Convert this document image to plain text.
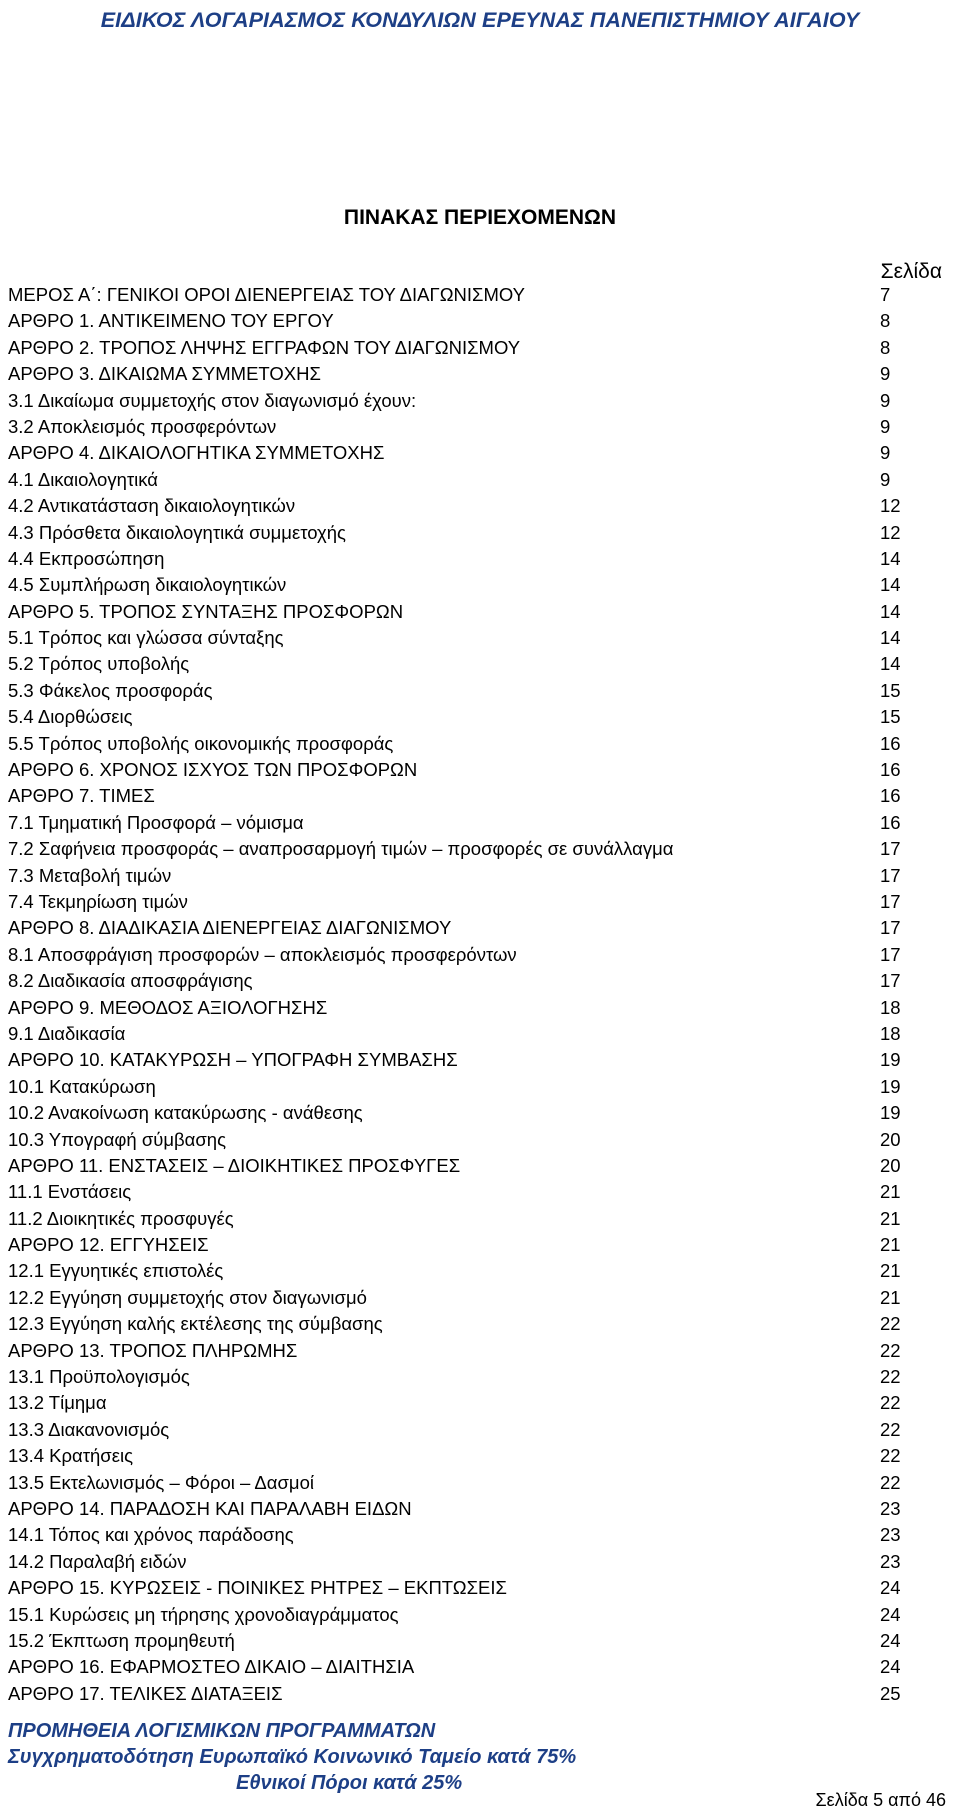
ΕΙΔΙΚΟΣ ΛΟΓΑΡΙΑΣΜΟΣ ΚΟΝΔΥΛΙΩΝ ΕΡΕΥΝΑΣ ΠΑΝΕΠΙΣΤΗΜΙΟΥ ΑΙΓΑΙΟΥ
ΠΙΝΑΚΑΣ ΠΕΡΙΕΧΟΜΕΝΩΝ
Σελίδα
ΜΕΡΟΣ Α΄: ΓΕΝΙΚΟΙ ΟΡΟΙ ΔΙΕΝΕΡΓΕΙΑΣ ΤΟΥ ΔΙΑΓΩΝΙΣΜΟΥ	7
ΑΡΘΡΟ 1. ΑΝΤΙΚΕΙΜΕΝΟ ΤΟΥ ΕΡΓΟΥ	8
ΑΡΘΡΟ 2. ΤΡΟΠΟΣ ΛΗΨΗΣ ΕΓΓΡΑΦΩΝ ΤΟΥ ΔΙΑΓΩΝΙΣΜΟΥ	8
ΑΡΘΡΟ 3. ΔΙΚΑΙΩΜΑ ΣΥΜΜΕΤΟΧΗΣ	9
3.1 Δικαίωμα συμμετοχής στον διαγωνισμό έχουν:	9
3.2 Αποκλεισμός προσφερόντων	9
ΑΡΘΡΟ 4. ΔΙΚΑΙΟΛΟΓΗΤΙΚΑ ΣΥΜΜΕΤΟΧΗΣ	9
4.1 Δικαιολογητικά	9
4.2 Αντικατάσταση δικαιολογητικών	12
4.3 Πρόσθετα δικαιολογητικά συμμετοχής	12
4.4 Εκπροσώπηση	14
4.5 Συμπλήρωση δικαιολογητικών	14
ΑΡΘΡΟ 5. ΤΡΟΠΟΣ ΣΥΝΤΑΞΗΣ ΠΡΟΣΦΟΡΩΝ	14
5.1 Τρόπος και γλώσσα σύνταξης	14
5.2 Τρόπος υποβολής	14
5.3 Φάκελος προσφοράς	15
5.4 Διορθώσεις	15
5.5 Τρόπος υποβολής οικονομικής προσφοράς	16
ΑΡΘΡΟ 6. ΧΡΟΝΟΣ ΙΣΧΥΟΣ ΤΩΝ ΠΡΟΣΦΟΡΩΝ	16
ΑΡΘΡΟ 7. ΤΙΜΕΣ	16
7.1 Τμηματική Προσφορά – νόμισμα	16
7.2 Σαφήνεια προσφοράς – αναπροσαρμογή τιμών – προσφορές σε συνάλλαγμα	17
7.3 Μεταβολή τιμών	17
7.4 Τεκμηρίωση τιμών	17
ΑΡΘΡΟ 8. ΔΙΑΔΙΚΑΣΙΑ ΔΙΕΝΕΡΓΕΙΑΣ ΔΙΑΓΩΝΙΣΜΟΥ	17
8.1 Αποσφράγιση προσφορών – αποκλεισμός προσφερόντων	17
8.2 Διαδικασία αποσφράγισης	17
ΑΡΘΡΟ 9. ΜΕΘΟΔΟΣ ΑΞΙΟΛΟΓΗΣΗΣ	18
9.1 Διαδικασία	18
ΑΡΘΡΟ 10. ΚΑΤΑΚΥΡΩΣΗ – ΥΠΟΓΡΑΦΗ ΣΥΜΒΑΣΗΣ	19
10.1 Κατακύρωση	19
10.2 Ανακοίνωση κατακύρωσης - ανάθεσης	19
10.3 Υπογραφή σύμβασης	20
ΑΡΘΡΟ 11. ΕΝΣΤΑΣΕΙΣ – ΔΙΟΙΚΗΤΙΚΕΣ ΠΡΟΣΦΥΓΕΣ	20
11.1 Ενστάσεις	21
11.2 Διοικητικές προσφυγές	21
ΑΡΘΡΟ 12. ΕΓΓΥΗΣΕΙΣ	21
12.1 Εγγυητικές επιστολές	21
12.2 Εγγύηση συμμετοχής στον διαγωνισμό	21
12.3 Εγγύηση καλής εκτέλεσης της σύμβασης	22
ΑΡΘΡΟ 13. ΤΡΟΠΟΣ ΠΛΗΡΩΜΗΣ	22
13.1 Προϋπολογισμός	22
13.2 Τίμημα	22
13.3 Διακανονισμός	22
13.4 Κρατήσεις	22
13.5 Εκτελωνισμός – Φόροι – Δασμοί	22
ΑΡΘΡΟ 14. ΠΑΡΑΔΟΣΗ ΚΑΙ ΠΑΡΑΛΑΒΗ ΕΙΔΩΝ	23
14.1 Τόπος και χρόνος παράδοσης	23
14.2 Παραλαβή ειδών	23
ΑΡΘΡΟ 15. ΚΥΡΩΣΕΙΣ - ΠΟΙΝΙΚΕΣ ΡΗΤΡΕΣ – ΕΚΠΤΩΣΕΙΣ	24
15.1 Κυρώσεις μη τήρησης χρονοδιαγράμματος	24
15.2 Έκπτωση προμηθευτή	24
ΑΡΘΡΟ 16. ΕΦΑΡΜΟΣΤΕΟ ΔΙΚΑΙΟ – ΔΙΑΙΤΗΣΙΑ	24
ΑΡΘΡΟ 17. ΤΕΛΙΚΕΣ ΔΙΑΤΑΞΕΙΣ	25
ΠΡΟΜΗΘΕΙΑ ΛΟΓΙΣΜΙΚΩΝ ΠΡΟΓΡΑΜΜΑΤΩΝ
Συγχρηματοδότηση Ευρωπαϊκό Κοινωνικό Ταμείο κατά 75%
Εθνικοί Πόροι κατά 25%
Σελίδα 5 από 46
